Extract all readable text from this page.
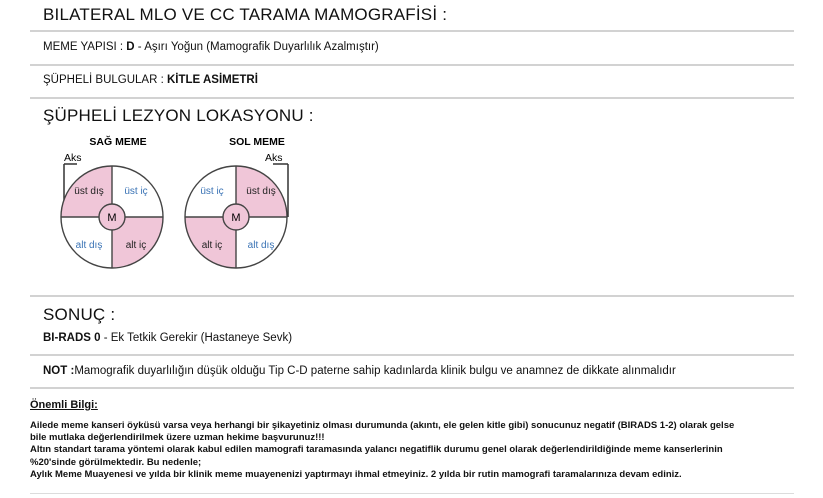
BILATERAL MLO VE CC TARAMA MAMOGRAFİSİ :
MEME YAPISI : D - Aşırı Yoğun (Mamografik Duyarlılık Azalmıştır)
ŞÜPHELİ BULGULAR : KİTLE ASİMETRİ
ŞÜPHELİ LEZYON LOKASYONU :
SAĞ MEME
Aks
M
üst dış üst iç
alt dış alt iç
SOL MEME
Aks
M
üst iç üst dış
alt iç	alt dış
SONUÇ :
BI-RADS 0 - Ek Tetkik Gerekir (Hastaneye Sevk)
NOT :Mamografik duyarlılığın düşük olduğu Tip C-D paterne sahip kadınlarda klinik bulgu ve anamnez de dikkate alınmalıdır
Önemli Bilgi:
Ailede meme kanseri öyküsü varsa veya herhangi bir şikayetiniz olması durumunda (akıntı, ele gelen kitle gibi) sonucunuz negatif (BIRADS 1-2) olarak gelse
bile mutlaka değerlendirilmek üzere uzman hekime başvurunuz!!!
Altın standart tarama yöntemi olarak kabul edilen mamografi taramasında yalancı negatiflik durumu genel olarak değerlendirildiğinde meme kanserlerinin
%20'sinde görülmektedir. Bu nedenle;
Aylık Meme Muayenesi ve yılda bir klinik meme muayenenizi yaptırmayı ihmal etmeyiniz. 2 yılda bir rutin mamografi taramalarınıza devam ediniz.
